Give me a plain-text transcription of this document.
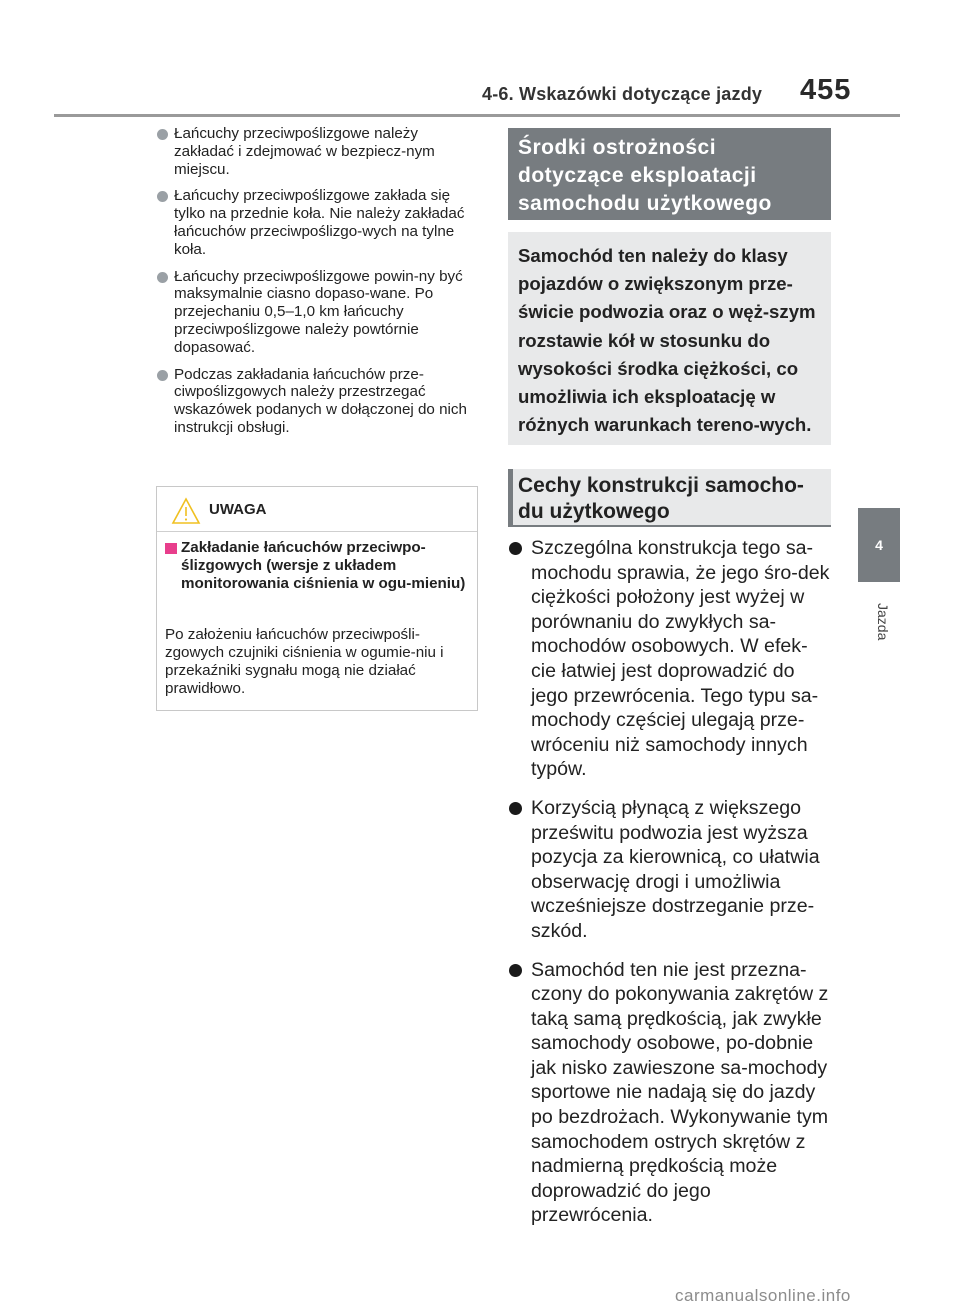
4-6. Wskazówki dotyczące jazdy 455
4
Jazda
Łańcuchy przeciwpoślizgowe należy zakładać i zdejmować w bezpiecz-nym miejscu.
Łańcuchy przeciwpoślizgowe zakłada się tylko na przednie koła. Nie należy zakładać łańcuchów przeciwpoślizgo-wych na tylne koła.
Łańcuchy przeciwpoślizgowe powin-ny być maksymalnie ciasno dopaso-wane. Po przejechaniu 0,5–1,0 km łańcuchy przeciwpoślizgowe należy powtórnie dopasować.
Podczas zakładania łańcuchów prze-ciwpoślizgowych należy przestrzegać wskazówek podanych w dołączonej do nich instrukcji obsługi.
UWAGA
Zakładanie łańcuchów przeciwpo-ślizgowych (wersje z układem monitorowania ciśnienia w ogu-mieniu)
Po założeniu łańcuchów przeciwpośli-zgowych czujniki ciśnienia w ogumie-niu i przekaźniki sygnału mogą nie działać prawidłowo.
Środki ostrożności dotyczące eksploatacji samochodu użytkowego
Samochód ten należy do klasy pojazdów o zwiększonym prze-świcie podwozia oraz o węż-szym rozstawie kół w stosunku do wysokości środka ciężkości, co umożliwia ich eksploatację w różnych warunkach tereno-wych.
Cechy konstrukcji samocho-du użytkowego
Szczególna konstrukcja tego sa-mochodu sprawia, że jego śro-dek ciężkości położony jest wyżej w porównaniu do zwykłych sa-mochodów osobowych. W efek-cie łatwiej jest doprowadzić do jego przewrócenia. Tego typu sa-mochody częściej ulegają prze-wróceniu niż samochody innych typów.
Korzyścią płynącą z większego prześwitu podwozia jest wyższa pozycja za kierownicą, co ułatwia obserwację drogi i umożliwia wcześniejsze dostrzeganie prze-szkód.
Samochód ten nie jest przezna-czony do pokonywania zakrętów z taką samą prędkością, jak zwykłe samochody osobowe, po-dobnie jak nisko zawieszone sa-mochody sportowe nie nadają się do jazdy po bezdrożach. Wykonywanie tym samochodem ostrych skrętów z nadmierną prędkością może doprowadzić do jego przewrócenia.
carmanualsonline.info
